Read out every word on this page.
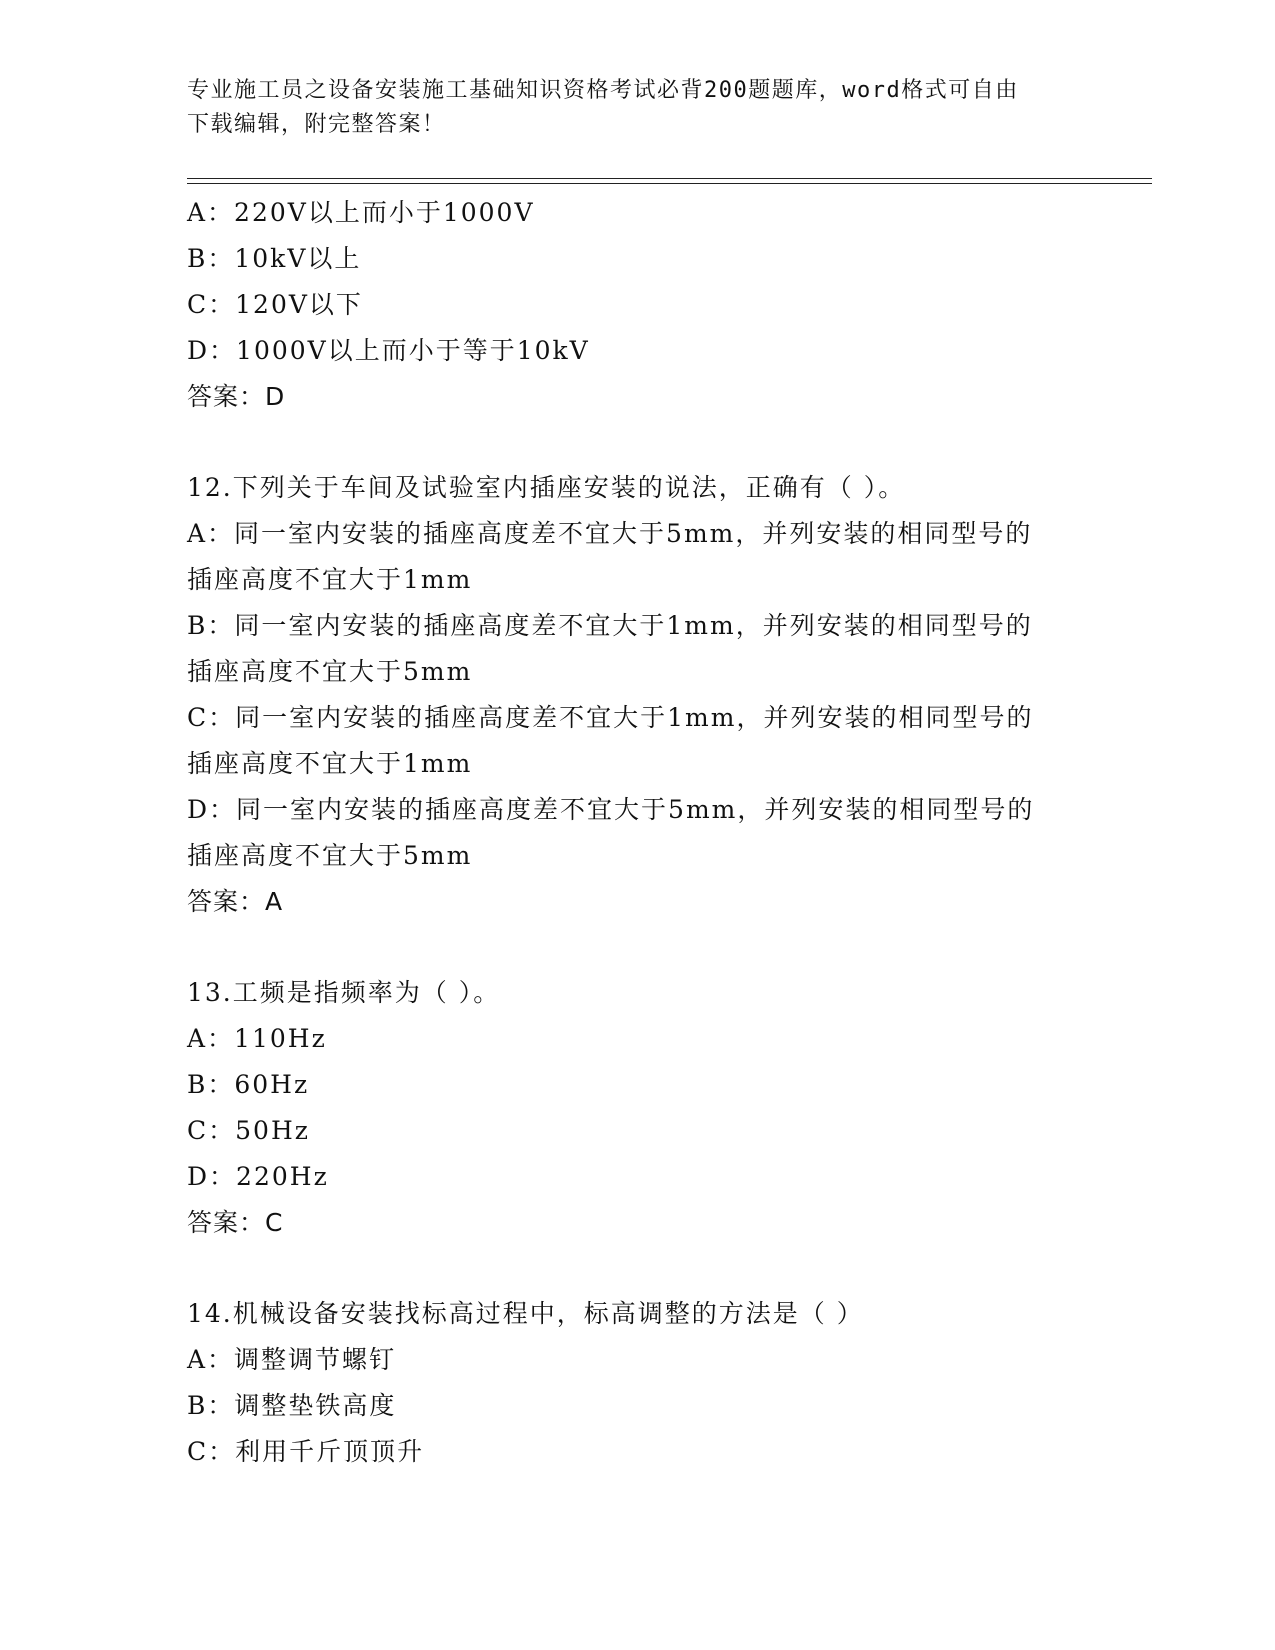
专业施工员之设备安装施工基础知识资格考试必背200题题库，word格式可自由
下载编辑，附完整答案！
A：220V以上而小于1000V
B：10kV以上
C：120V以下
D：1000V以上而小于等于10kV
答案：D
12.下列关于车间及试验室内插座安装的说法，正确有（ ）。
A：同一室内安装的插座高度差不宜大于5mm，并列安装的相同型号的
插座高度不宜大于1mm
B：同一室内安装的插座高度差不宜大于1mm，并列安装的相同型号的
插座高度不宜大于5mm
C：同一室内安装的插座高度差不宜大于1mm，并列安装的相同型号的
插座高度不宜大于1mm
D：同一室内安装的插座高度差不宜大于5mm，并列安装的相同型号的
插座高度不宜大于5mm
答案：A
13.工频是指频率为（ ）。
A：110Hz
B：60Hz
C：50Hz
D：220Hz
答案：C
14.机械设备安装找标高过程中，标高调整的方法是（ ）
A：调整调节螺钉
B：调整垫铁高度
C：利用千斤顶顶升
